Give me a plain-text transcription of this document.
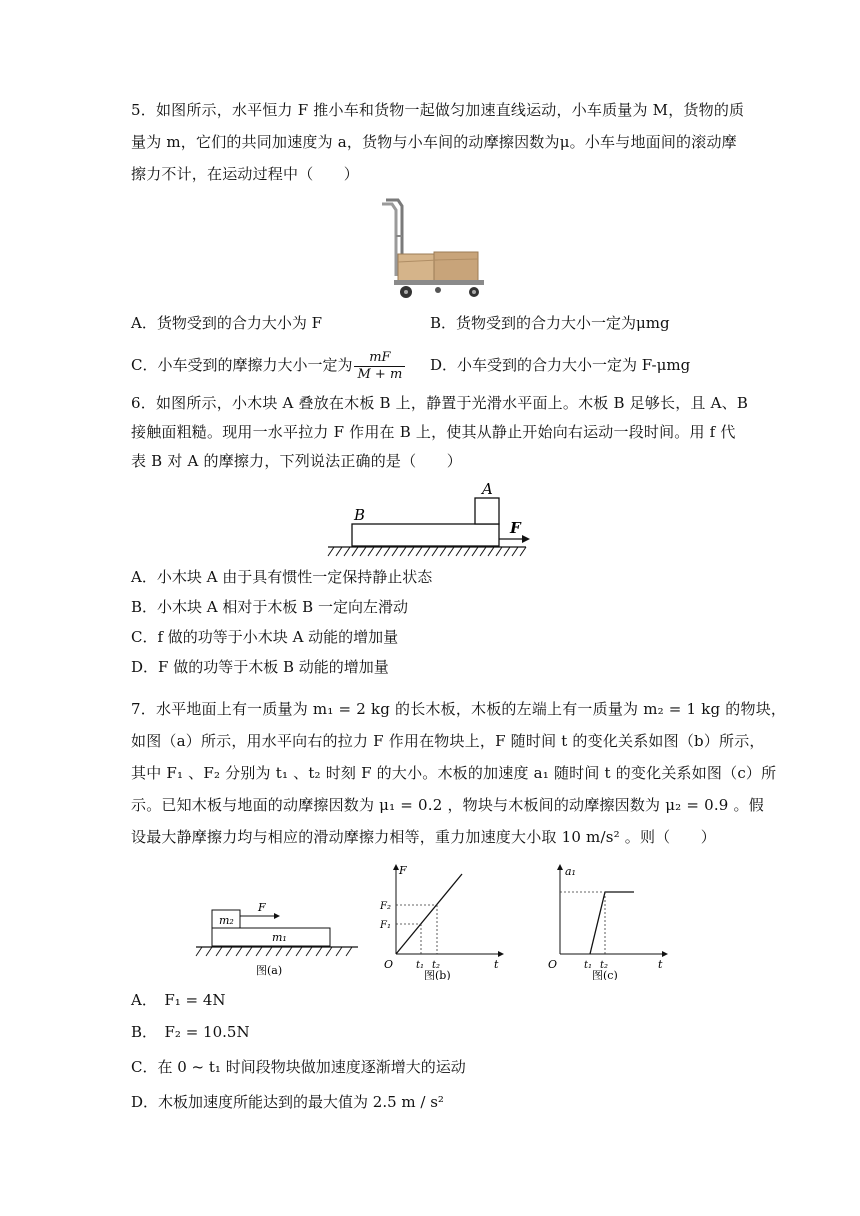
5．如图所示，水平恒力 F 推小车和货物一起做匀加速直线运动，小车质量为 M，货物的质
量为 m，它们的共同加速度为 a，货物与小车间的动摩擦因数为μ。小车与地面间的滚动摩
擦力不计，在运动过程中（　　）
A．货物受到的合力大小为 F	B．货物受到的合力大小一定为μmg
C．小车受到的摩擦力大小一定为 $\frac{mF}{M + m}$ D．小车受到的合力大小一定为 F-μmg
6．如图所示，小木块 A 叠放在木板 B 上，静置于光滑水平面上。木板 B 足够长，且 A、B
接触面粗糙。现用一水平拉力 F 作用在 B 上，使其从静止开始向右运动一段时间。用 f 代
表 B 对 A 的摩擦力，下列说法正确的是（　　）
A
B
F
A．小木块 A 由于具有惯性一定保持静止状态
B．小木块 A 相对于木板 B 一定向左滑动
C．f 做的功等于小木块 A 动能的增加量
D．F 做的功等于木板 B 动能的增加量
7．水平地面上有一质量为 m₁ = 2 kg 的长木板，木板的左端上有一质量为 m₂ = 1 kg 的物块，
如图（a）所示，用水平向右的拉力 F 作用在物块上，F 随时间 t 的变化关系如图（b）所示，
其中 F₁ 、F₂ 分别为 t₁ 、t₂ 时刻 F 的大小。木板的加速度 a₁ 随时间 t 的变化关系如图（c）所
示。已知木板与地面的动摩擦因数为 μ₁ = 0.2 ，物块与木板间的动摩擦因数为 μ₂ = 0.9 。假
设最大静摩擦力均与相应的滑动摩擦力相等，重力加速度大小取 10 m/s² 。则（　　）
m₂
m₁
F
图(a)
F
F₂
F₁
O t₁ t₂	t
图(b)
a₁
O	t₁ t₂	t
图(c)
A．　F₁ = 4N
B．　F₂ = 10.5N
C．在 0 ~ t₁ 时间段物块做加速度逐渐增大的运动
D．木板加速度所能达到的最大值为 2.5 m / s²
